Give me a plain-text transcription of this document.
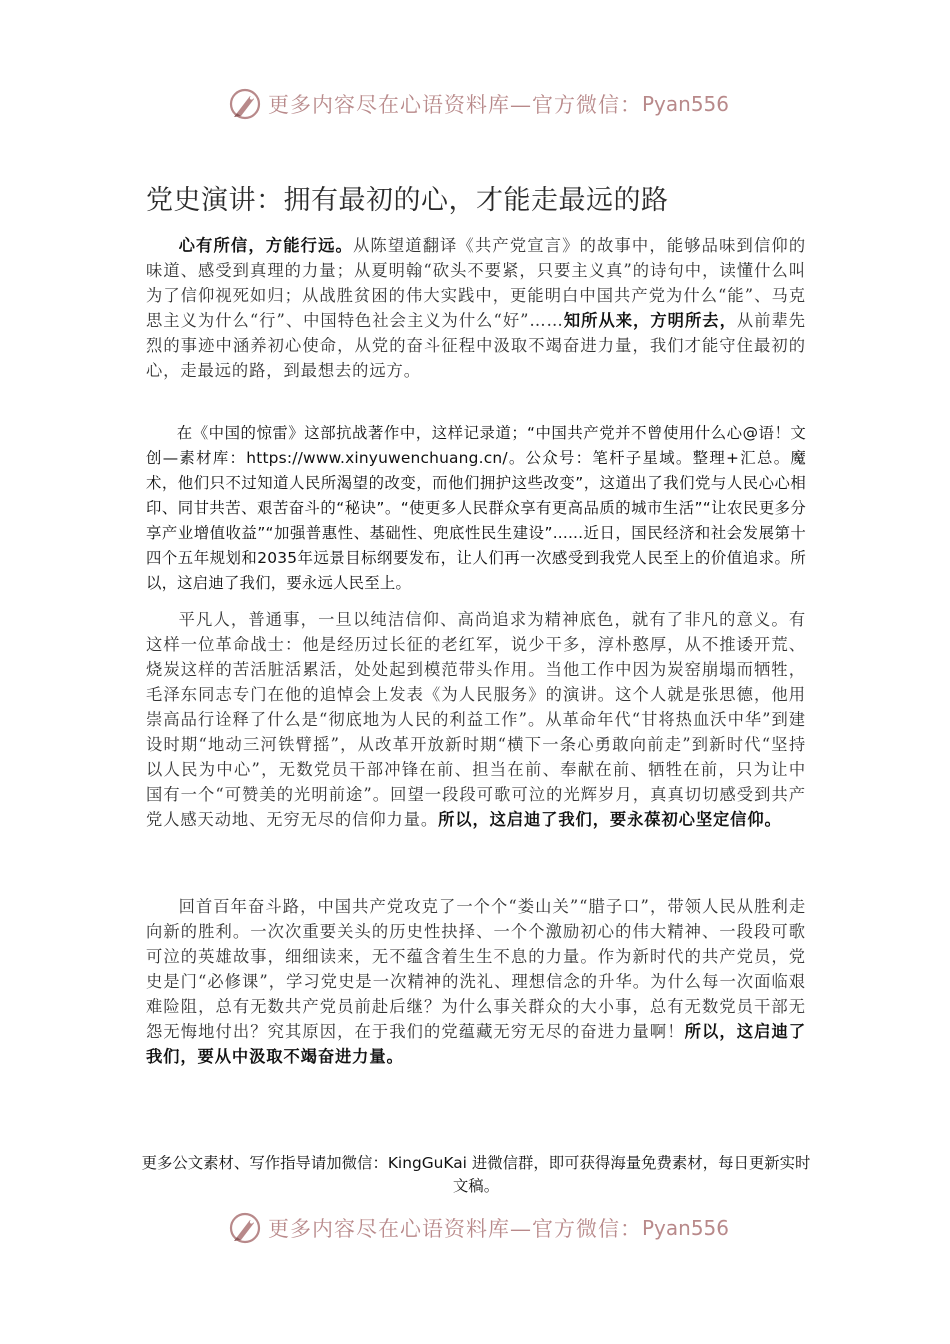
更多内容尽在心语资料库—官方微信： Pyan556
党史演讲：拥有最初的心，才能走最远的路

心有所信，方能行远。从陈望道翻译《共产党宣言》的故事中，能够品味到信仰的味道、感受到真理的力量；从夏明翰“砍头不要紧，只要主义真”的诗句中，读懂什么叫为了信仰视死如归；从战胜贫困的伟大实践中，更能明白中国共产党为什么“能”、马克思主义为什么“行”、中国特色社会主义为什么“好”……知所从来，方明所去，从前辈先烈的事迹中涵养初心使命，从党的奋斗征程中汲取不竭奋进力量，我们才能守住最初的心，走最远的路，到最想去的远方。

在《中国的惊雷》这部抗战著作中，这样记录道；“中国共产党并不曾使用什么心@语！文创—素材库：https://www.xinyuwenchuang.cn/。公众号：笔杆子星域。整理+汇总。魔术，他们只不过知道人民所渴望的改变，而他们拥护这些改变”，这道出了我们党与人民心心相印、同甘共苦、艰苦奋斗的“秘诀”。“使更多人民群众享有更高品质的城市生活”“让农民更多分享产业增值收益”“加强普惠性、基础性、兜底性民生建设”......近日，国民经济和社会发展第十四个五年规划和2035年远景目标纲要发布，让人们再一次感受到我党人民至上的价值追求。所以，这启迪了我们，要永远人民至上。

平凡人，普通事，一旦以纯洁信仰、高尚追求为精神底色，就有了非凡的意义。有这样一位革命战士：他是经历过长征的老红军，说少干多，淳朴憨厚，从不推诿开荒、烧炭这样的苦活脏活累活，处处起到模范带头作用。当他工作中因为炭窑崩塌而牺牲，毛泽东同志专门在他的追悼会上发表《为人民服务》的演讲。这个人就是张思德，他用崇高品行诠释了什么是“彻底地为人民的利益工作”。从革命年代“甘将热血沃中华”到建设时期“地动三河铁臂摇”，从改革开放新时期“横下一条心勇敢向前走”到新时代“坚持以人民为中心”，无数党员干部冲锋在前、担当在前、奉献在前、牺牲在前，只为让中国有一个“可赞美的光明前途”。回望一段段可歌可泣的光辉岁月，真真切切感受到共产党人感天动地、无穷无尽的信仰力量。所以，这启迪了我们，要永葆初心坚定信仰。

回首百年奋斗路，中国共产党攻克了一个个“娄山关”“腊子口”，带领人民从胜利走向新的胜利。一次次重要关头的历史性抉择、一个个激励初心的伟大精神、一段段可歌可泣的英雄故事，细细读来，无不蕴含着生生不息的力量。作为新时代的共产党员，党史是门“必修课”，学习党史是一次精神的洗礼、理想信念的升华。为什么每一次面临艰难险阻，总有无数共产党员前赴后继？为什么事关群众的大小事，总有无数党员干部无怨无悔地付出？究其原因，在于我们的党蕴藏无穷无尽的奋进力量啊！所以，这启迪了我们，要从中汲取不竭奋进力量。

更多公文素材、写作指导请加微信：KingGuKai 进微信群，即可获得海量免费素材，每日更新实时文稿。

更多内容尽在心语资料库—官方微信： Pyan556
